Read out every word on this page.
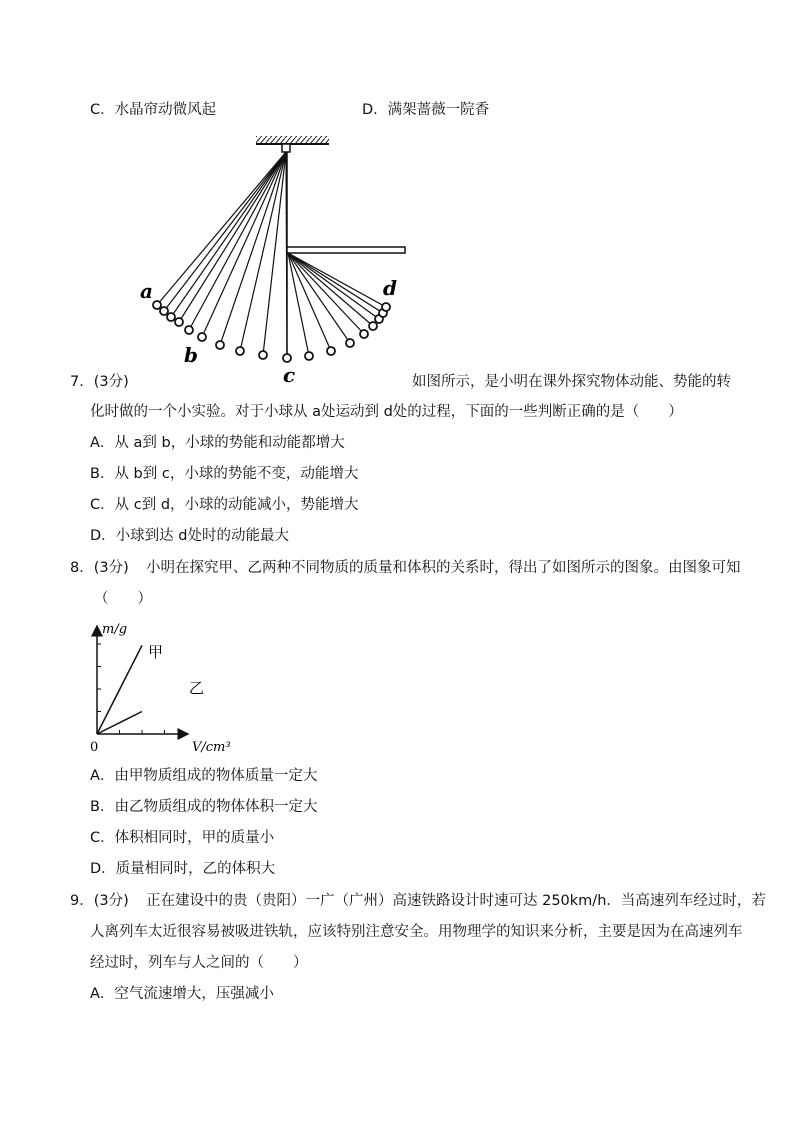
C．水晶帘动微风起	D．满架蔷薇一院香
a
b
c
d
7．(3分)	如图所示，是小明在课外探究物体动能、势能的转
化时做的一个小实验。对于小球从 a处运动到 d处的过程，下面的一些判断正确的是（　　）
A．从 a到 b，小球的势能和动能都增大
B．从 b到 c，小球的势能不变，动能增大
C．从 c到 d，小球的动能减小，势能增大
D．小球到达 d处时的动能最大
8．(3分) 小明在探究甲、乙两种不同物质的质量和体积的关系时，得出了如图所示的图象。由图象可知
（　　）
甲
乙
m/g
V/cm³
0
A．由甲物质组成的物体质量一定大
B．由乙物质组成的物体体积一定大
C．体积相同时，甲的质量小
D．质量相同时，乙的体积大
9．(3分) 正在建设中的贵（贵阳）一广（广州）高速铁路设计时速可达 250km/h．当高速列车经过时，若
人离列车太近很容易被吸进铁轨，应该特别注意安全。用物理学的知识来分析，主要是因为在高速列车
经过时，列车与人之间的（　　）
A．空气流速增大，压强减小
